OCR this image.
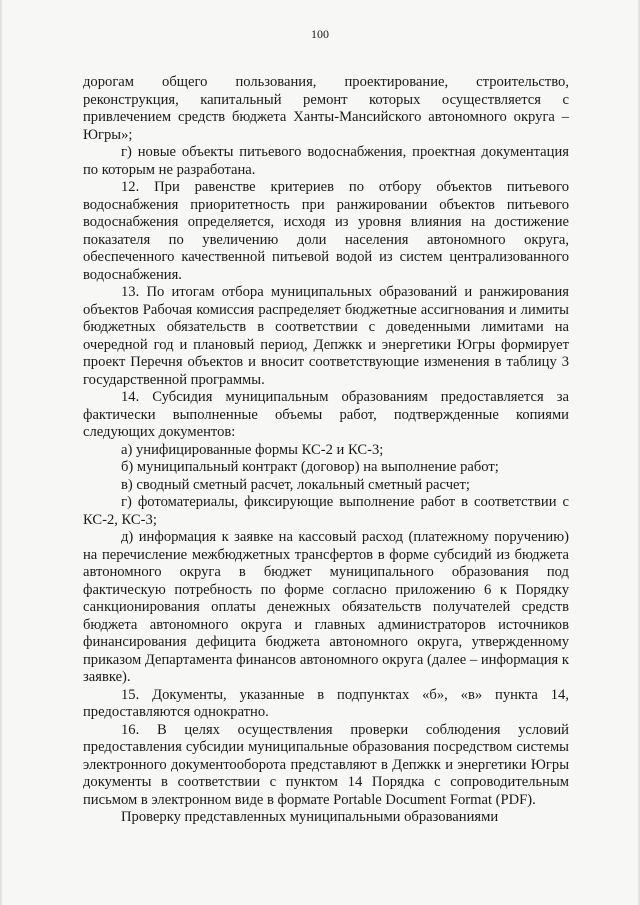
100

дорогам общего пользования, проектирование, строительство, реконструкция, капитальный ремонт которых осуществляется с привлечением средств бюджета Ханты-Мансийского автономного округа – Югры»;

г) новые объекты питьевого водоснабжения, проектная документация по которым не разработана.

12. При равенстве критериев по отбору объектов питьевого водоснабжения приоритетность при ранжировании объектов питьевого водоснабжения определяется, исходя из уровня влияния на достижение показателя по увеличению доли населения автономного округа, обеспеченного качественной питьевой водой из систем централизованного водоснабжения.

13. По итогам отбора муниципальных образований и ранжирования объектов Рабочая комиссия распределяет бюджетные ассигнования и лимиты бюджетных обязательств в соответствии с доведенными лимитами на очередной год и плановый период, Депжкк и энергетики Югры формирует проект Перечня объектов и вносит соответствующие изменения в таблицу 3 государственной программы.

14. Субсидия муниципальным образованиям предоставляется за фактически выполненные объемы работ, подтвержденные копиями следующих документов:

а) унифицированные формы КС-2 и КС-3;

б) муниципальный контракт (договор) на выполнение работ;

в) сводный сметный расчет, локальный сметный расчет;

г) фотоматериалы, фиксирующие выполнение работ в соответствии с КС-2, КС-3;

д) информация к заявке на кассовый расход (платежному поручению) на перечисление межбюджетных трансфертов в форме субсидий из бюджета автономного округа в бюджет муниципального образования под фактическую потребность по форме согласно приложению 6 к Порядку санкционирования оплаты денежных обязательств получателей средств бюджета автономного округа и главных администраторов источников финансирования дефицита бюджета автономного округа, утвержденному приказом Департамента финансов автономного округа (далее – информация к заявке).

15. Документы, указанные в подпунктах «б», «в» пункта 14, предоставляются однократно.

16. В целях осуществления проверки соблюдения условий предоставления субсидии муниципальные образования посредством системы электронного документооборота представляют в Депжкк и энергетики Югры документы в соответствии с пунктом 14 Порядка с сопроводительным письмом в электронном виде в формате Portable Document Format (PDF).

Проверку представленных муниципальными образованиями
